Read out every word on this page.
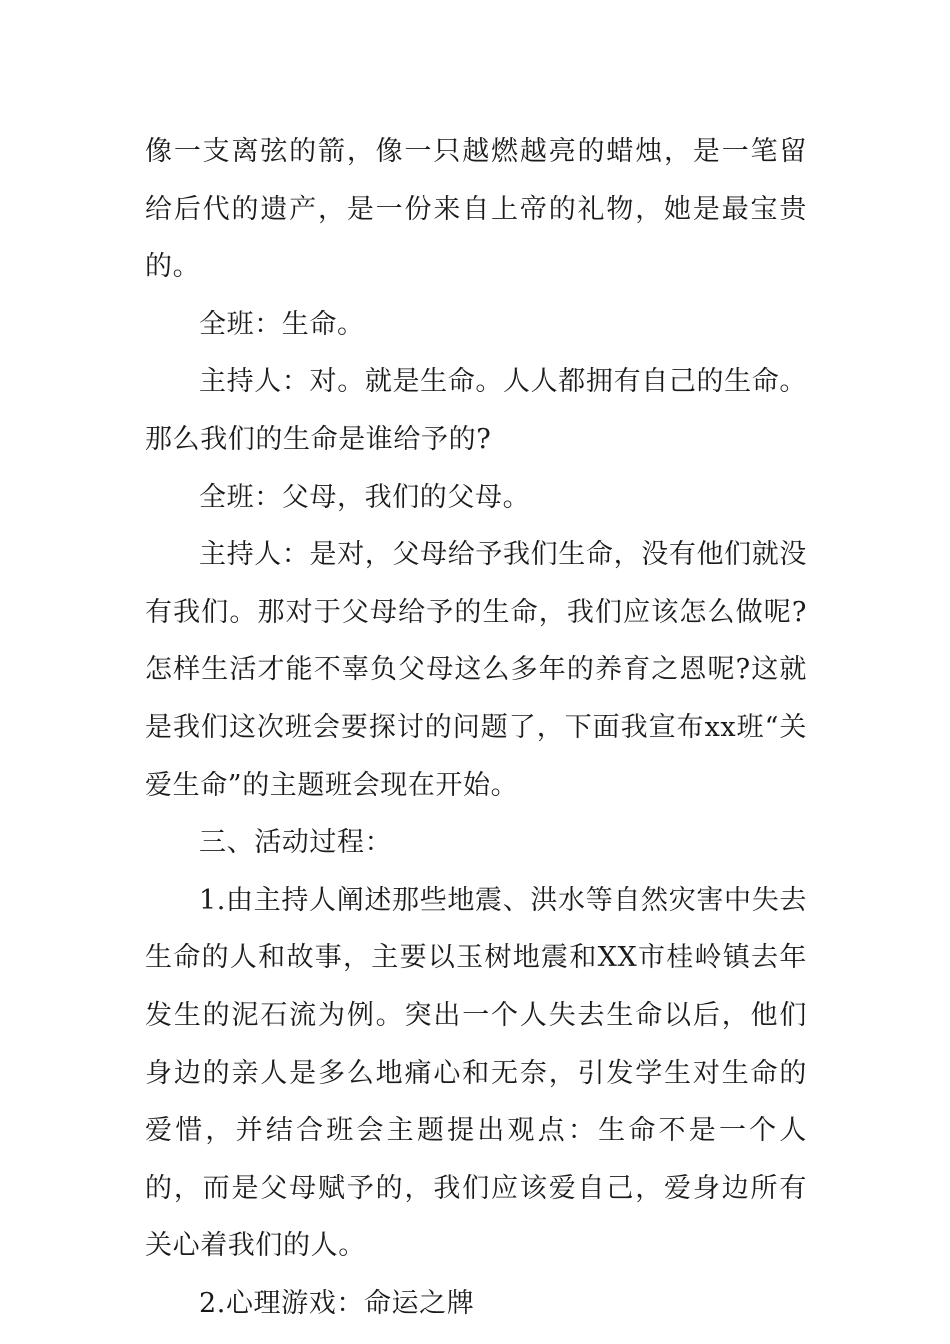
像一支离弦的箭，像一只越燃越亮的蜡烛，是一笔留给后代的遗产，是一份来自上帝的礼物，她是最宝贵的。

全班：生命。

主持人：对。就是生命。人人都拥有自己的生命。那么我们的生命是谁给予的?

全班：父母，我们的父母。

主持人：是对，父母给予我们生命，没有他们就没有我们。那对于父母给予的生命，我们应该怎么做呢?怎样生活才能不辜负父母这么多年的养育之恩呢?这就是我们这次班会要探讨的问题了，下面我宣布xx班“关爱生命”的主题班会现在开始。

三、活动过程：

1.由主持人阐述那些地震、洪水等自然灾害中失去生命的人和故事，主要以玉树地震和XX市桂岭镇去年发生的泥石流为例。突出一个人失去生命以后，他们身边的亲人是多么地痛心和无奈，引发学生对生命的爱惜，并结合班会主题提出观点：生命不是一个人的，而是父母赋予的，我们应该爱自己，爱身边所有关心着我们的人。

2.心理游戏：命运之牌
